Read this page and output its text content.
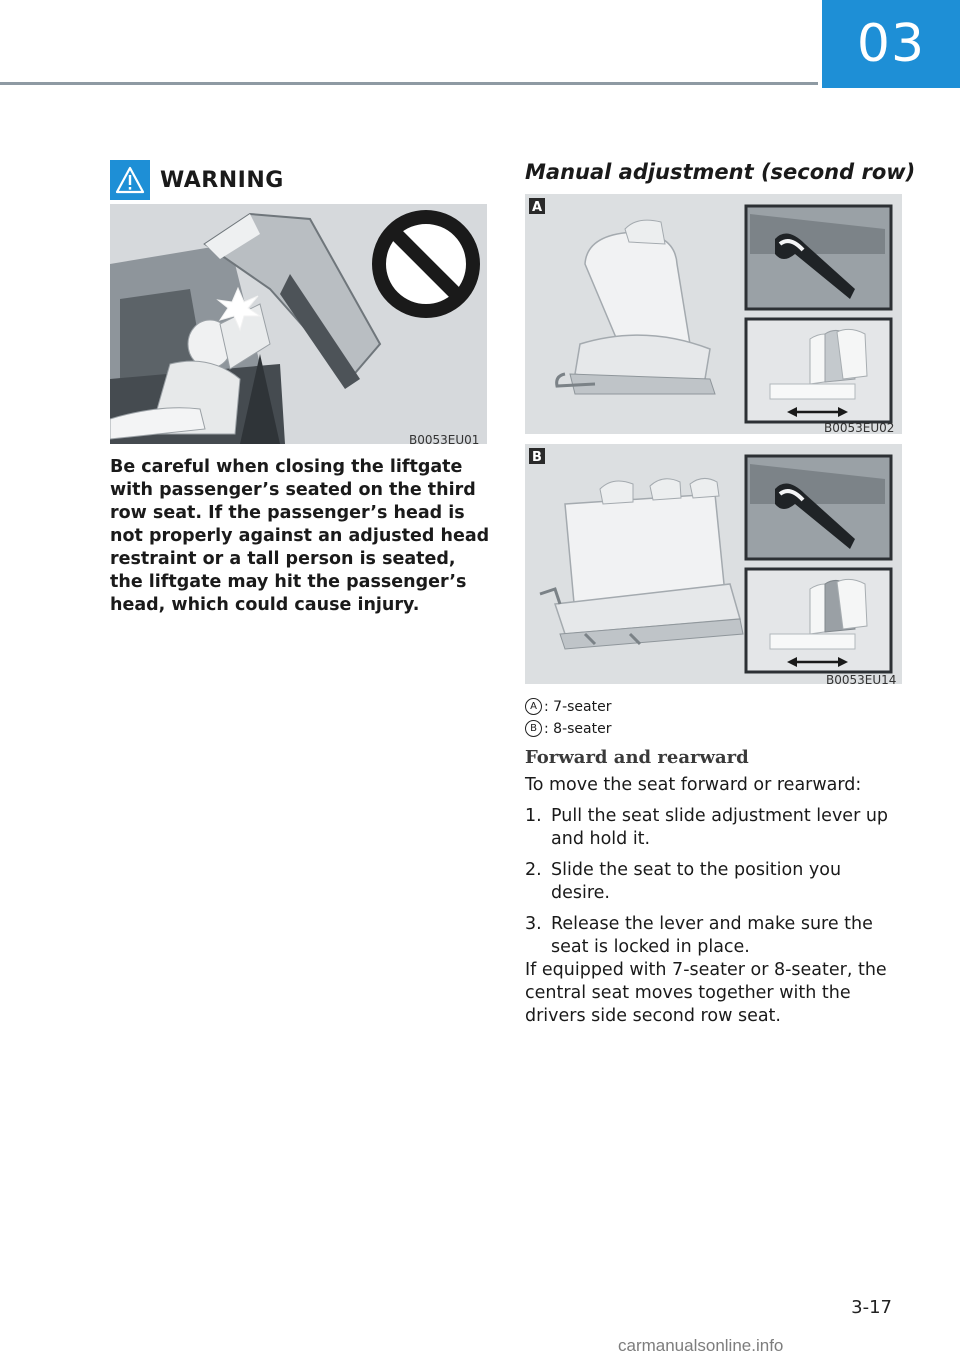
03
WARNING
B0053EU01
Be careful when closing the liftgate with passenger’s seated on the third row seat. If the passenger’s head is not properly against an adjusted head restraint or a tall person is seated, the liftgate may hit the passenger’s head, which could cause injury.
Manual adjustment (second row)
A
B0053EU02
B
B0053EU14
A : 7-seater
B : 8-seater
Forward and rearward
To move the seat forward or rearward:
1. Pull the seat slide adjustment lever up and hold it.
2. Slide the seat to the position you desire.
3. Release the lever and make sure the seat is locked in place.
If equipped with 7-seater or 8-seater, the central seat moves together with the drivers side second row seat.
3-17
carmanualsonline.info
